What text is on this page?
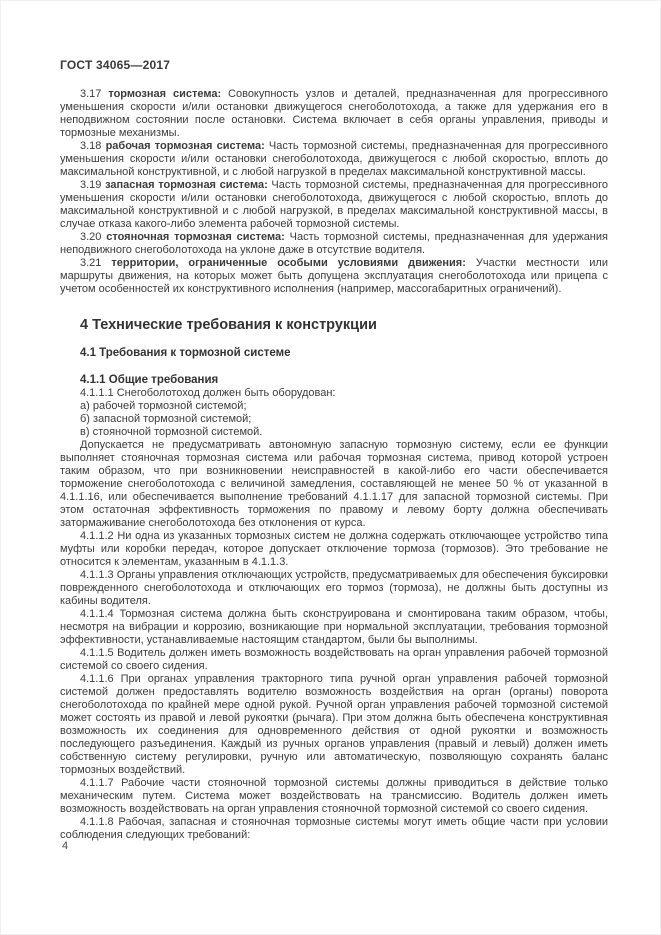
ГОСТ 34065—2017

3.17 тормозная система: Совокупность узлов и деталей, предназначенная для прогрессивного уменьшения скорости и/или остановки движущегося снегоболотохода, а также для удержания его в неподвижном состоянии после остановки. Система включает в себя органы управления, приводы и тормозные механизмы.

3.18 рабочая тормозная система: Часть тормозной системы, предназначенная для прогрессивного уменьшения скорости и/или остановки снегоболотохода, движущегося с любой скоростью, вплоть до максимальной конструктивной, и с любой нагрузкой в пределах максимальной конструктивной массы.

3.19 запасная тормозная система: Часть тормозной системы, предназначенная для прогрессивного уменьшения скорости и/или остановки снегоболотохода, движущегося с любой скоростью, вплоть до максимальной конструктивной и с любой нагрузкой, в пределах максимальной конструктивной массы, в случае отказа какого-либо элемента рабочей тормозной системы.

3.20 стояночная тормозная система: Часть тормозной системы, предназначенная для удержания неподвижного снегоболотохода на уклоне даже в отсутствие водителя.

3.21 территории, ограниченные особыми условиями движения: Участки местности или маршруты движения, на которых может быть допущена эксплуатация снегоболотохода или прицепа с учетом особенностей их конструктивного исполнения (например, массогабаритных ограничений).

4 Технические требования к конструкции
4.1 Требования к тормозной системе
4.1.1 Общие требования

4.1.1.1 Снегоболотоход должен быть оборудован:

а) рабочей тормозной системой;

б) запасной тормозной системой;

в) стояночной тормозной системой.

Допускается не предусматривать автономную запасную тормозную систему, если ее функции выполняет стояночная тормозная система или рабочая тормозная система, привод которой устроен таким образом, что при возникновении неисправностей в какой-либо его части обеспечивается торможение снегоболотохода с величиной замедления, составляющей не менее 50 % от указанной в 4.1.1.16, или обеспечивается выполнение требований 4.1.1.17 для запасной тормозной системы. При этом остаточная эффективность торможения по правому и левому борту должна обеспечивать затормаживание снегоболотохода без отклонения от курса.

4.1.1.2 Ни одна из указанных тормозных систем не должна содержать отключающее устройство типа муфты или коробки передач, которое допускает отключение тормоза (тормозов). Это требование не относится к элементам, указанным в 4.1.1.3.

4.1.1.3 Органы управления отключающих устройств, предусматриваемых для обеспечения буксировки поврежденного снегоболотохода и отключающих его тормоз (тормоза), не должны быть доступны из кабины водителя.

4.1.1.4 Тормозная система должна быть сконструирована и смонтирована таким образом, чтобы, несмотря на вибрации и коррозию, возникающие при нормальной эксплуатации, требования тормозной эффективности, устанавливаемые настоящим стандартом, были бы выполнимы.

4.1.1.5 Водитель должен иметь возможность воздействовать на орган управления рабочей тормозной системой со своего сидения.

4.1.1.6 При органах управления тракторного типа ручной орган управления рабочей тормозной системой должен предоставлять водителю возможность воздействия на орган (органы) поворота снегоболотохода по крайней мере одной рукой. Ручной орган управления рабочей тормозной системой может состоять из правой и левой рукоятки (рычага). При этом должна быть обеспечена конструктивная возможность их соединения для одновременного действия от одной рукоятки и возможность последующего разъединения. Каждый из ручных органов управления (правый и левый) должен иметь собственную систему регулировки, ручную или автоматическую, позволяющую сохранять баланс тормозных воздействий.

4.1.1.7 Рабочие части стояночной тормозной системы должны приводиться в действие только механическим путем. Система может воздействовать на трансмиссию. Водитель должен иметь возможность воздействовать на орган управления стояночной тормозной системой со своего сидения.

4.1.1.8 Рабочая, запасная и стояночная тормозные системы могут иметь общие части при условии соблюдения следующих требований:

4
